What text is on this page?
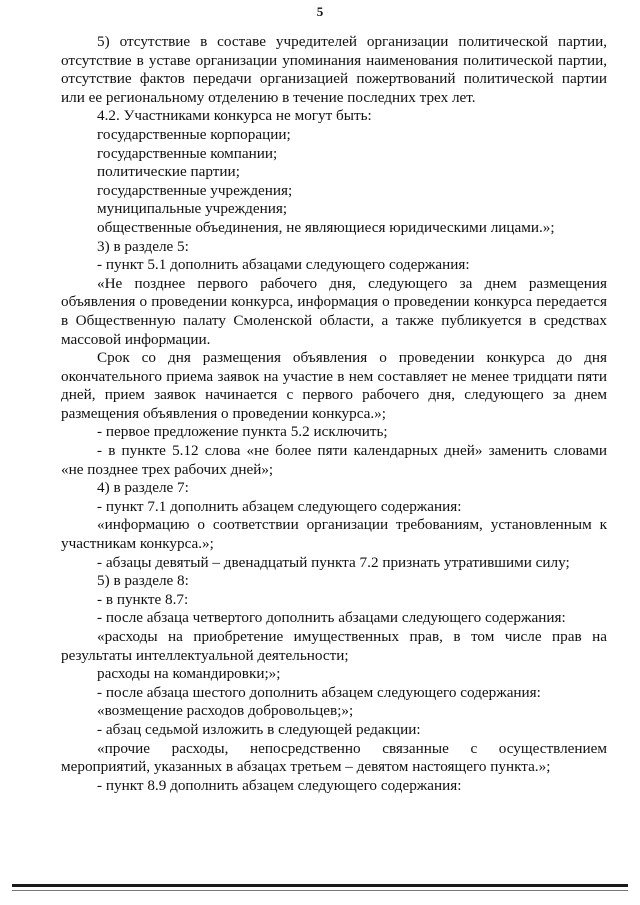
5

5) отсутствие в составе учредителей организации политической партии, отсутствие в уставе организации упоминания наименования политической партии, отсутствие фактов передачи организацией пожертвований политической партии или ее региональному отделению в течение последних трех лет.

4.2. Участниками конкурса не могут быть:

государственные корпорации;

государственные компании;

политические партии;

государственные учреждения;

муниципальные учреждения;

общественные объединения, не являющиеся юридическими лицами.»;

3) в разделе 5:

- пункт 5.1 дополнить абзацами следующего содержания:

«Не позднее первого рабочего дня, следующего за днем размещения объявления о проведении конкурса, информация о проведении конкурса передается в Общественную палату Смоленской области, а также публикуется в средствах массовой информации.

Срок со дня размещения объявления о проведении конкурса до дня окончательного приема заявок на участие в нем составляет не менее тридцати пяти дней, прием заявок начинается с первого рабочего дня, следующего за днем размещения объявления о проведении конкурса.»;

- первое предложение пункта 5.2 исключить;

- в пункте 5.12 слова «не более пяти календарных дней» заменить словами «не позднее трех рабочих дней»;

4) в разделе 7:

- пункт 7.1 дополнить абзацем следующего содержания:

«информацию о соответствии организации требованиям, установленным к участникам конкурса.»;

- абзацы девятый – двенадцатый пункта 7.2 признать утратившими силу;

5) в разделе 8:

- в пункте 8.7:

- после абзаца четвертого дополнить абзацами следующего содержания:

«расходы на приобретение имущественных прав, в том числе прав на результаты интеллектуальной деятельности;

расходы на командировки;»;

- после абзаца шестого дополнить абзацем следующего содержания:

«возмещение расходов добровольцев;»;

- абзац седьмой изложить в следующей редакции:

«прочие расходы, непосредственно связанные с осуществлением мероприятий, указанных в абзацах третьем – девятом настоящего пункта.»;

- пункт 8.9 дополнить абзацем следующего содержания:
